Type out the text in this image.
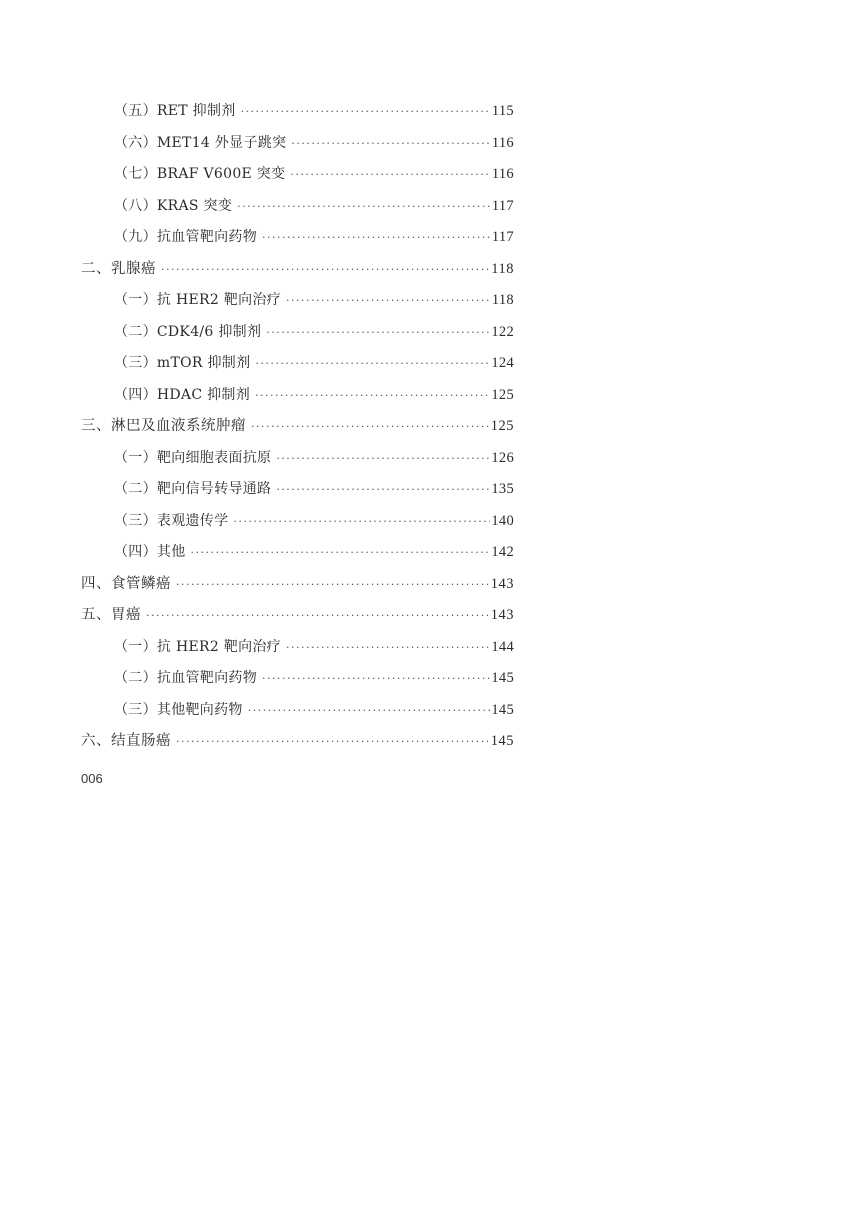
（五）RET 抑制剂 ·····	115
（六）MET14 外显子跳突 ·····	116
（七）BRAF V600E 突变 ·····	116
（八）KRAS 突变 ·····	117
（九）抗血管靶向药物 ·····	117
二、乳腺癌 ·····	118
（一）抗 HER2 靶向治疗 ·····	118
（二）CDK4/6 抑制剂 ·····	122
（三）mTOR 抑制剂 ·····	124
（四）HDAC 抑制剂 ·····	125
三、淋巴及血液系统肿瘤 ·····	125
（一）靶向细胞表面抗原 ·····	126
（二）靶向信号转导通路 ·····	135
（三）表观遗传学 ·····	140
（四）其他 ·····	142
四、食管鳞癌 ·····	143
五、胃癌 ·····	143
（一）抗 HER2 靶向治疗 ·····	144
（二）抗血管靶向药物 ·····	145
（三）其他靶向药物 ·····	145
六、结直肠癌 ·····	145
006
